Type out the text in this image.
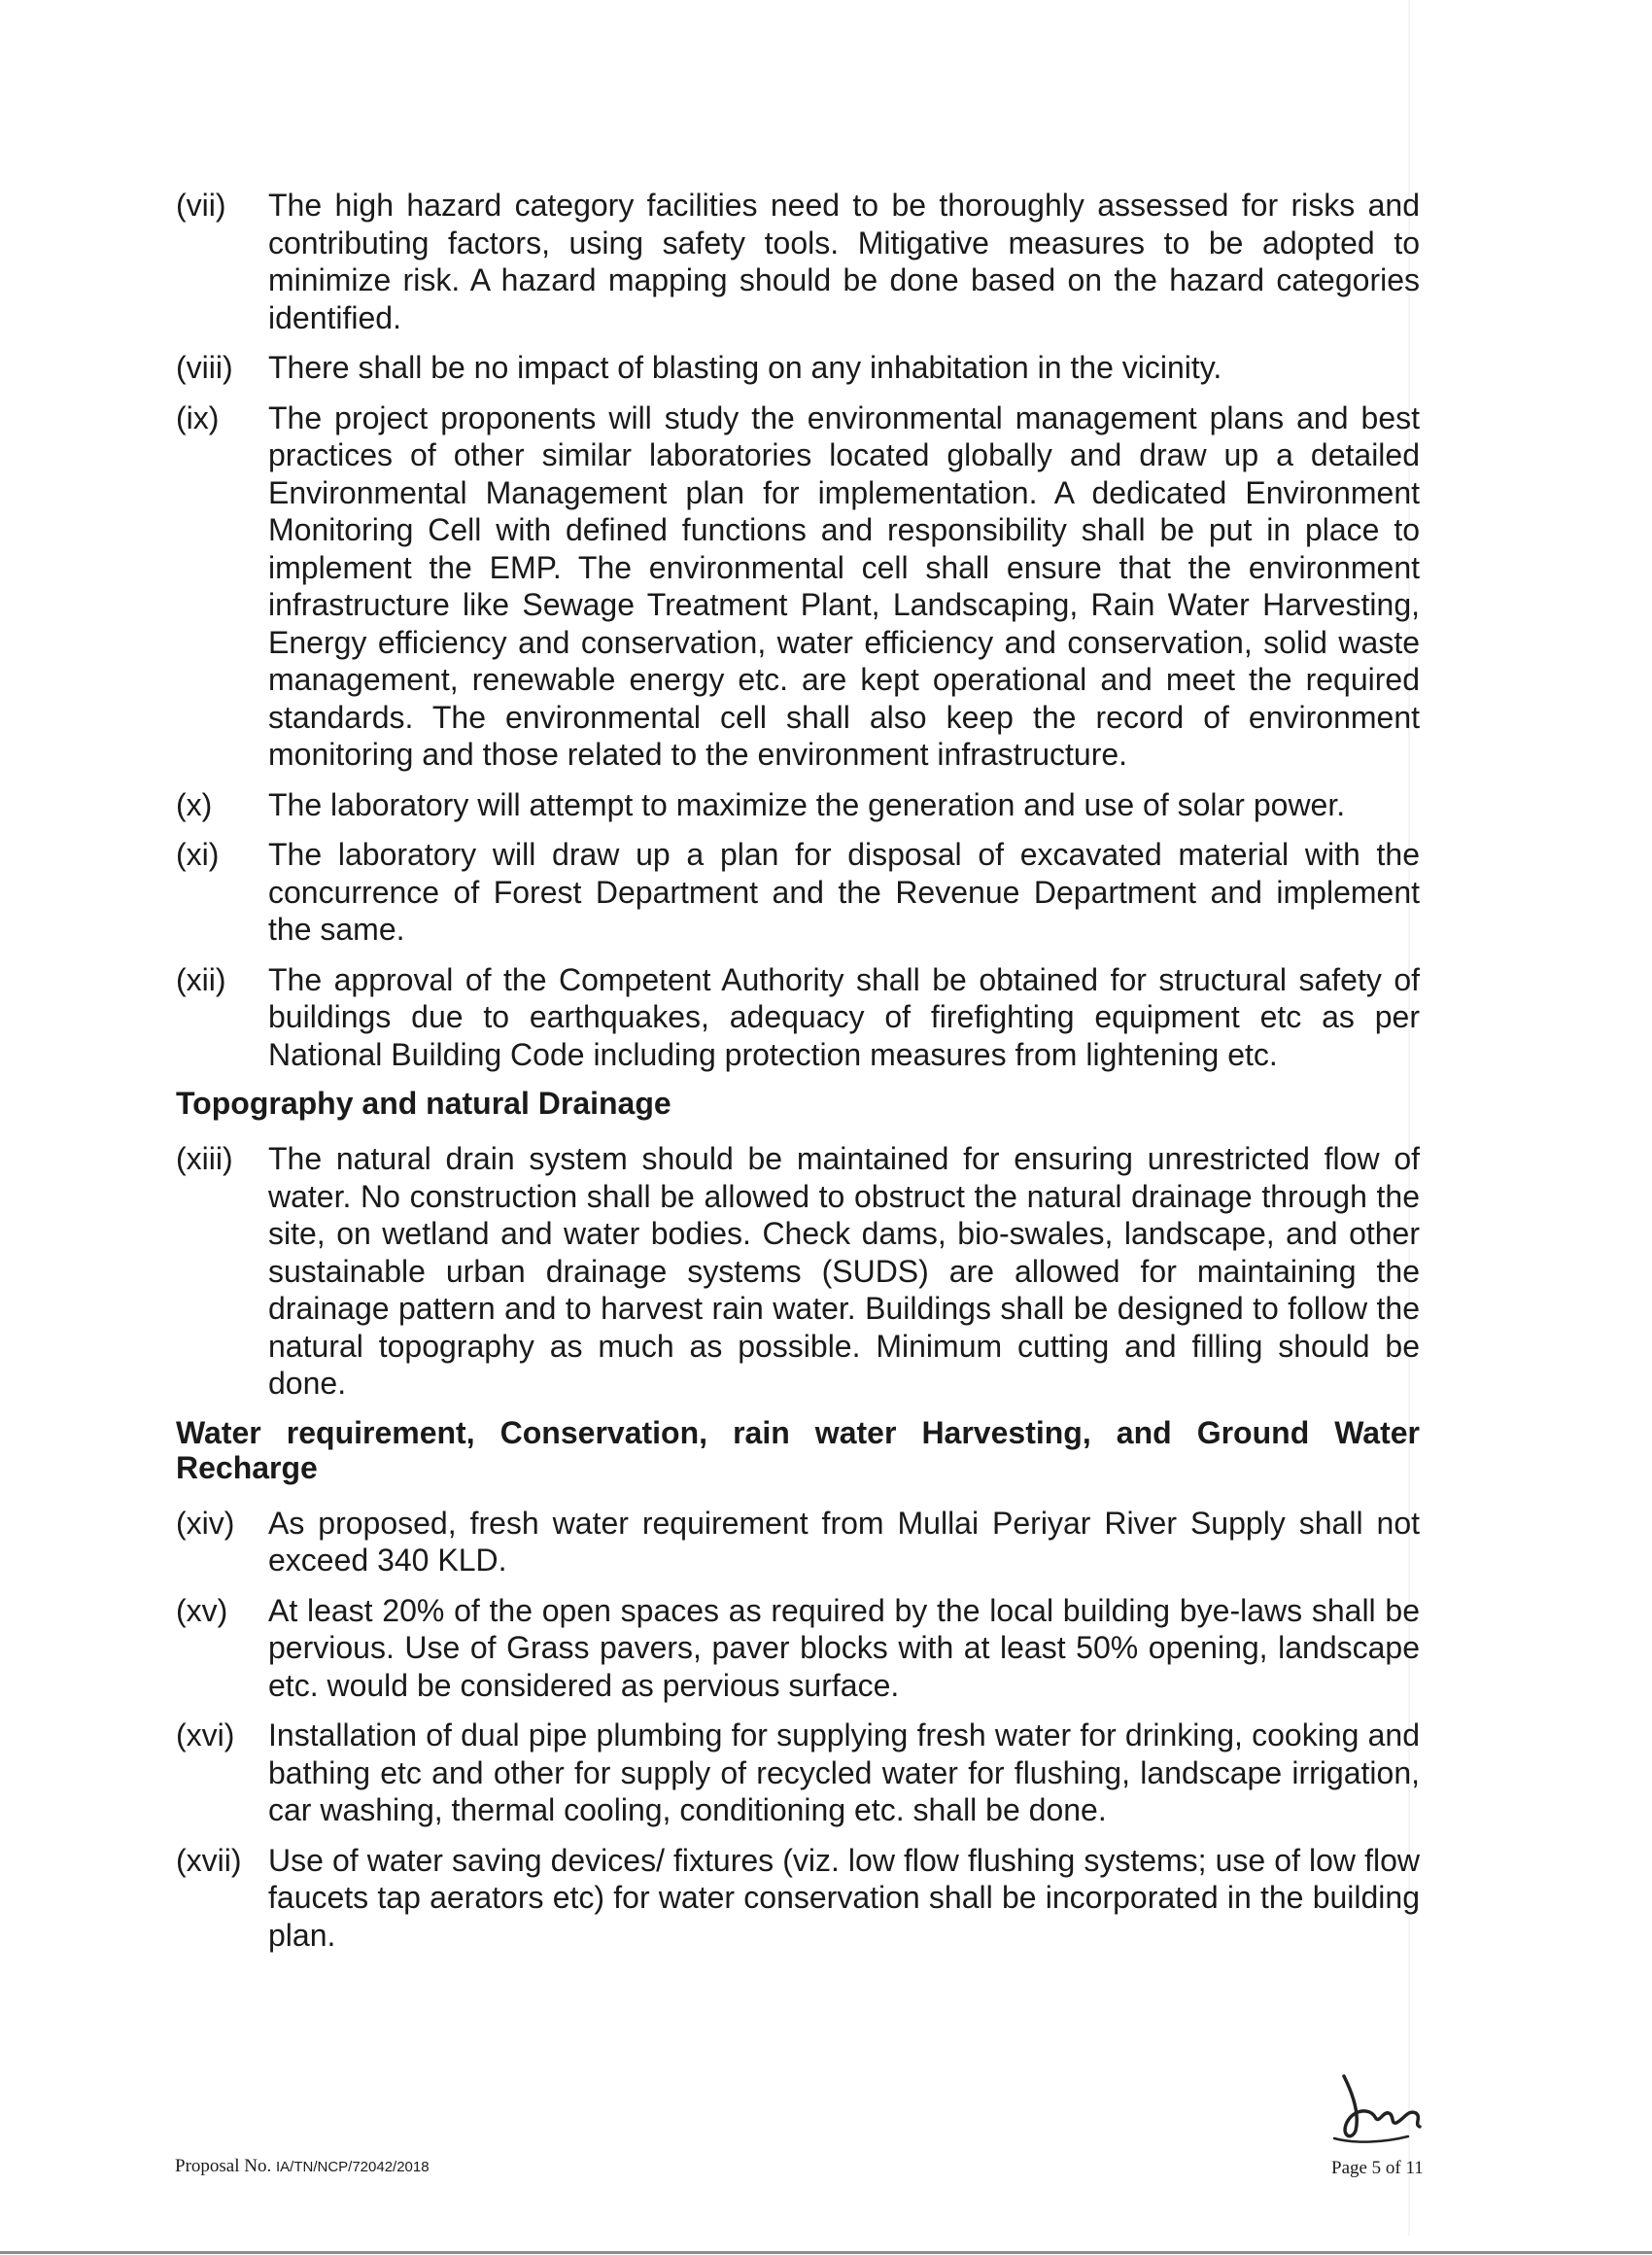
(vii)	The high hazard category facilities need to be thoroughly assessed for risks and contributing factors, using safety tools. Mitigative measures to be adopted to minimize risk. A hazard mapping should be done based on the hazard categories identified.
(viii)	There shall be no impact of blasting on any inhabitation in the vicinity.
(ix)	The project proponents will study the environmental management plans and best practices of other similar laboratories located globally and draw up a detailed Environmental Management plan for implementation. A dedicated Environment Monitoring Cell with defined functions and responsibility shall be put in place to implement the EMP. The environmental cell shall ensure that the environment infrastructure like Sewage Treatment Plant, Landscaping, Rain Water Harvesting, Energy efficiency and conservation, water efficiency and conservation, solid waste management, renewable energy etc. are kept operational and meet the required standards. The environmental cell shall also keep the record of environment monitoring and those related to the environment infrastructure.
(x)	The laboratory will attempt to maximize the generation and use of solar power.
(xi)	The laboratory will draw up a plan for disposal of excavated material with the concurrence of Forest Department and the Revenue Department and implement the same.
(xii)	The approval of the Competent Authority shall be obtained for structural safety of buildings due to earthquakes, adequacy of firefighting equipment etc as per National Building Code including protection measures from lightening etc.
Topography and natural Drainage
(xiii)	The natural drain system should be maintained for ensuring unrestricted flow of water. No construction shall be allowed to obstruct the natural drainage through the site, on wetland and water bodies. Check dams, bio-swales, landscape, and other sustainable urban drainage systems (SUDS) are allowed for maintaining the drainage pattern and to harvest rain water. Buildings shall be designed to follow the natural topography as much as possible. Minimum cutting and filling should be done.
Water requirement, Conservation, rain water Harvesting, and Ground Water Recharge
(xiv)	As proposed, fresh water requirement from Mullai Periyar River Supply shall not exceed 340 KLD.
(xv)	At least 20% of the open spaces as required by the local building bye-laws shall be pervious. Use of Grass pavers, paver blocks with at least 50% opening, landscape etc. would be considered as pervious surface.
(xvi)	Installation of dual pipe plumbing for supplying fresh water for drinking, cooking and bathing etc and other for supply of recycled water for flushing, landscape irrigation, car washing, thermal cooling, conditioning etc. shall be done.
(xvii) Use of water saving devices/ fixtures (viz. low flow flushing systems; use of low flow faucets tap aerators etc) for water conservation shall be incorporated in the building plan.
Proposal No. IA/TN/NCP/72042/2018	Page 5 of 11
